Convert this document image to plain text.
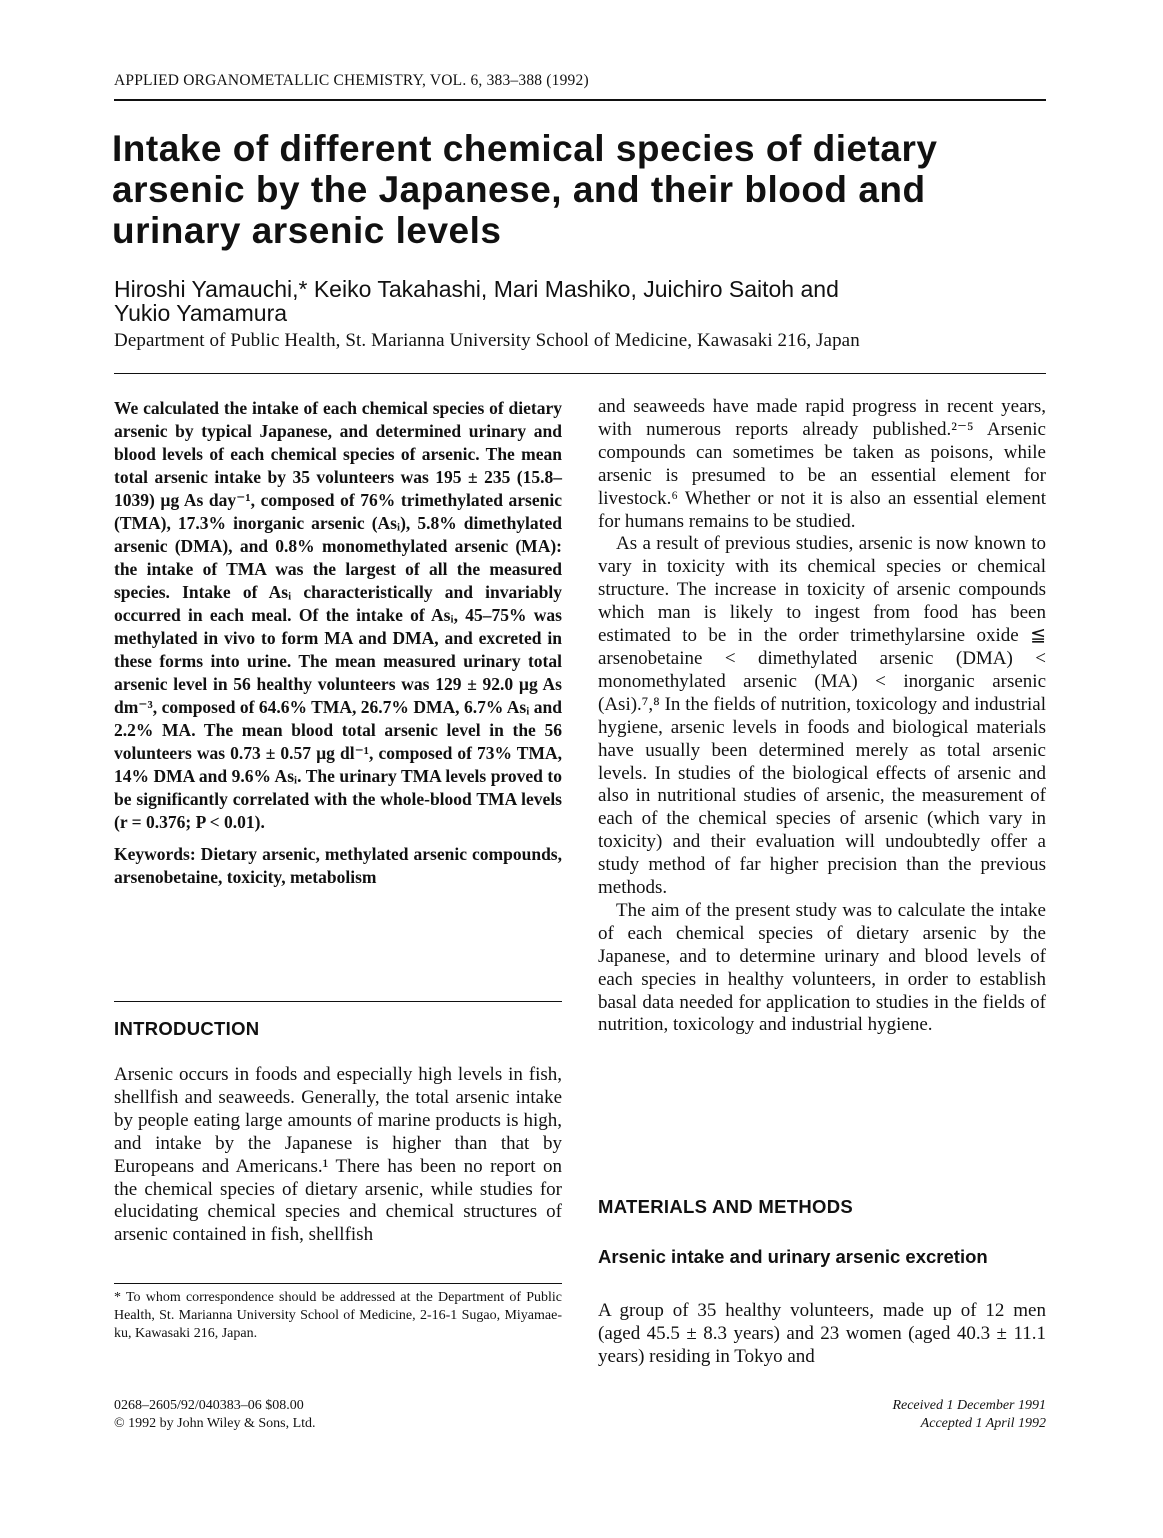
APPLIED ORGANOMETALLIC CHEMISTRY, VOL. 6, 383–388 (1992)
Intake of different chemical species of dietary
arsenic by the Japanese, and their blood and
urinary arsenic levels
Hiroshi Yamauchi,* Keiko Takahashi, Mari Mashiko, Juichiro Saitoh and
Yukio Yamamura
Department of Public Health, St. Marianna University School of Medicine, Kawasaki 216, Japan

We calculated the intake of each chemical species of dietary arsenic by typical Japanese, and determined urinary and blood levels of each chemical species of arsenic. The mean total arsenic intake by 35 volunteers was 195 ± 235 (15.8–1039) µg As day⁻¹, composed of 76% trimethylated arsenic (TMA), 17.3% inorganic arsenic (Asᵢ), 5.8% dimethylated arsenic (DMA), and 0.8% monomethylated arsenic (MA): the intake of TMA was the largest of all the measured species. Intake of Asᵢ characteristically and invariably occurred in each meal. Of the intake of Asᵢ, 45–75% was methylated in vivo to form MA and DMA, and excreted in these forms into urine. The mean measured urinary total arsenic level in 56 healthy volunteers was 129 ± 92.0 µg As dm⁻³, composed of 64.6% TMA, 26.7% DMA, 6.7% Asᵢ and 2.2% MA. The mean blood total arsenic level in the 56 volunteers was 0.73 ± 0.57 µg dl⁻¹, composed of 73% TMA, 14% DMA and 9.6% Asᵢ. The urinary TMA levels proved to be significantly correlated with the whole-blood TMA levels (r = 0.376; P < 0.01).

Keywords: Dietary arsenic, methylated arsenic compounds, arsenobetaine, toxicity, metabolism

INTRODUCTION

Arsenic occurs in foods and especially high levels in fish, shellfish and seaweeds. Generally, the total arsenic intake by people eating large amounts of marine products is high, and intake by the Japanese is higher than that by Europeans and Americans.¹ There has been no report on the chemical species of dietary arsenic, while studies for elucidating chemical species and chemical structures of arsenic contained in fish, shellfish

* To whom correspondence should be addressed at the Department of Public Health, St. Marianna University School of Medicine, 2-16-1 Sugao, Miyamae-ku, Kawasaki 216, Japan.

0268–2605/92/040383–06 $08.00
© 1992 by John Wiley & Sons, Ltd.

and seaweeds have made rapid progress in recent years, with numerous reports already published.²⁻⁵ Arsenic compounds can sometimes be taken as poisons, while arsenic is presumed to be an essential element for livestock.⁶ Whether or not it is also an essential element for humans remains to be studied.

As a result of previous studies, arsenic is now known to vary in toxicity with its chemical species or chemical structure. The increase in toxicity of arsenic compounds which man is likely to ingest from food has been estimated to be in the order trimethylarsine oxide ≦ arsenobetaine < dimethylated arsenic (DMA) < monomethylated arsenic (MA) < inorganic arsenic (Asi).⁷,⁸ In the fields of nutrition, toxicology and industrial hygiene, arsenic levels in foods and biological materials have usually been determined merely as total arsenic levels. In studies of the biological effects of arsenic and also in nutritional studies of arsenic, the measurement of each of the chemical species of arsenic (which vary in toxicity) and their evaluation will undoubtedly offer a study method of far higher precision than the previous methods.

The aim of the present study was to calculate the intake of each chemical species of dietary arsenic by the Japanese, and to determine urinary and blood levels of each species in healthy volunteers, in order to establish basal data needed for application to studies in the fields of nutrition, toxicology and industrial hygiene.

MATERIALS AND METHODS
Arsenic intake and urinary arsenic excretion

A group of 35 healthy volunteers, made up of 12 men (aged 45.5 ± 8.3 years) and 23 women (aged 40.3 ± 11.1 years) residing in Tokyo and

Received 1 December 1991
Accepted 1 April 1992
